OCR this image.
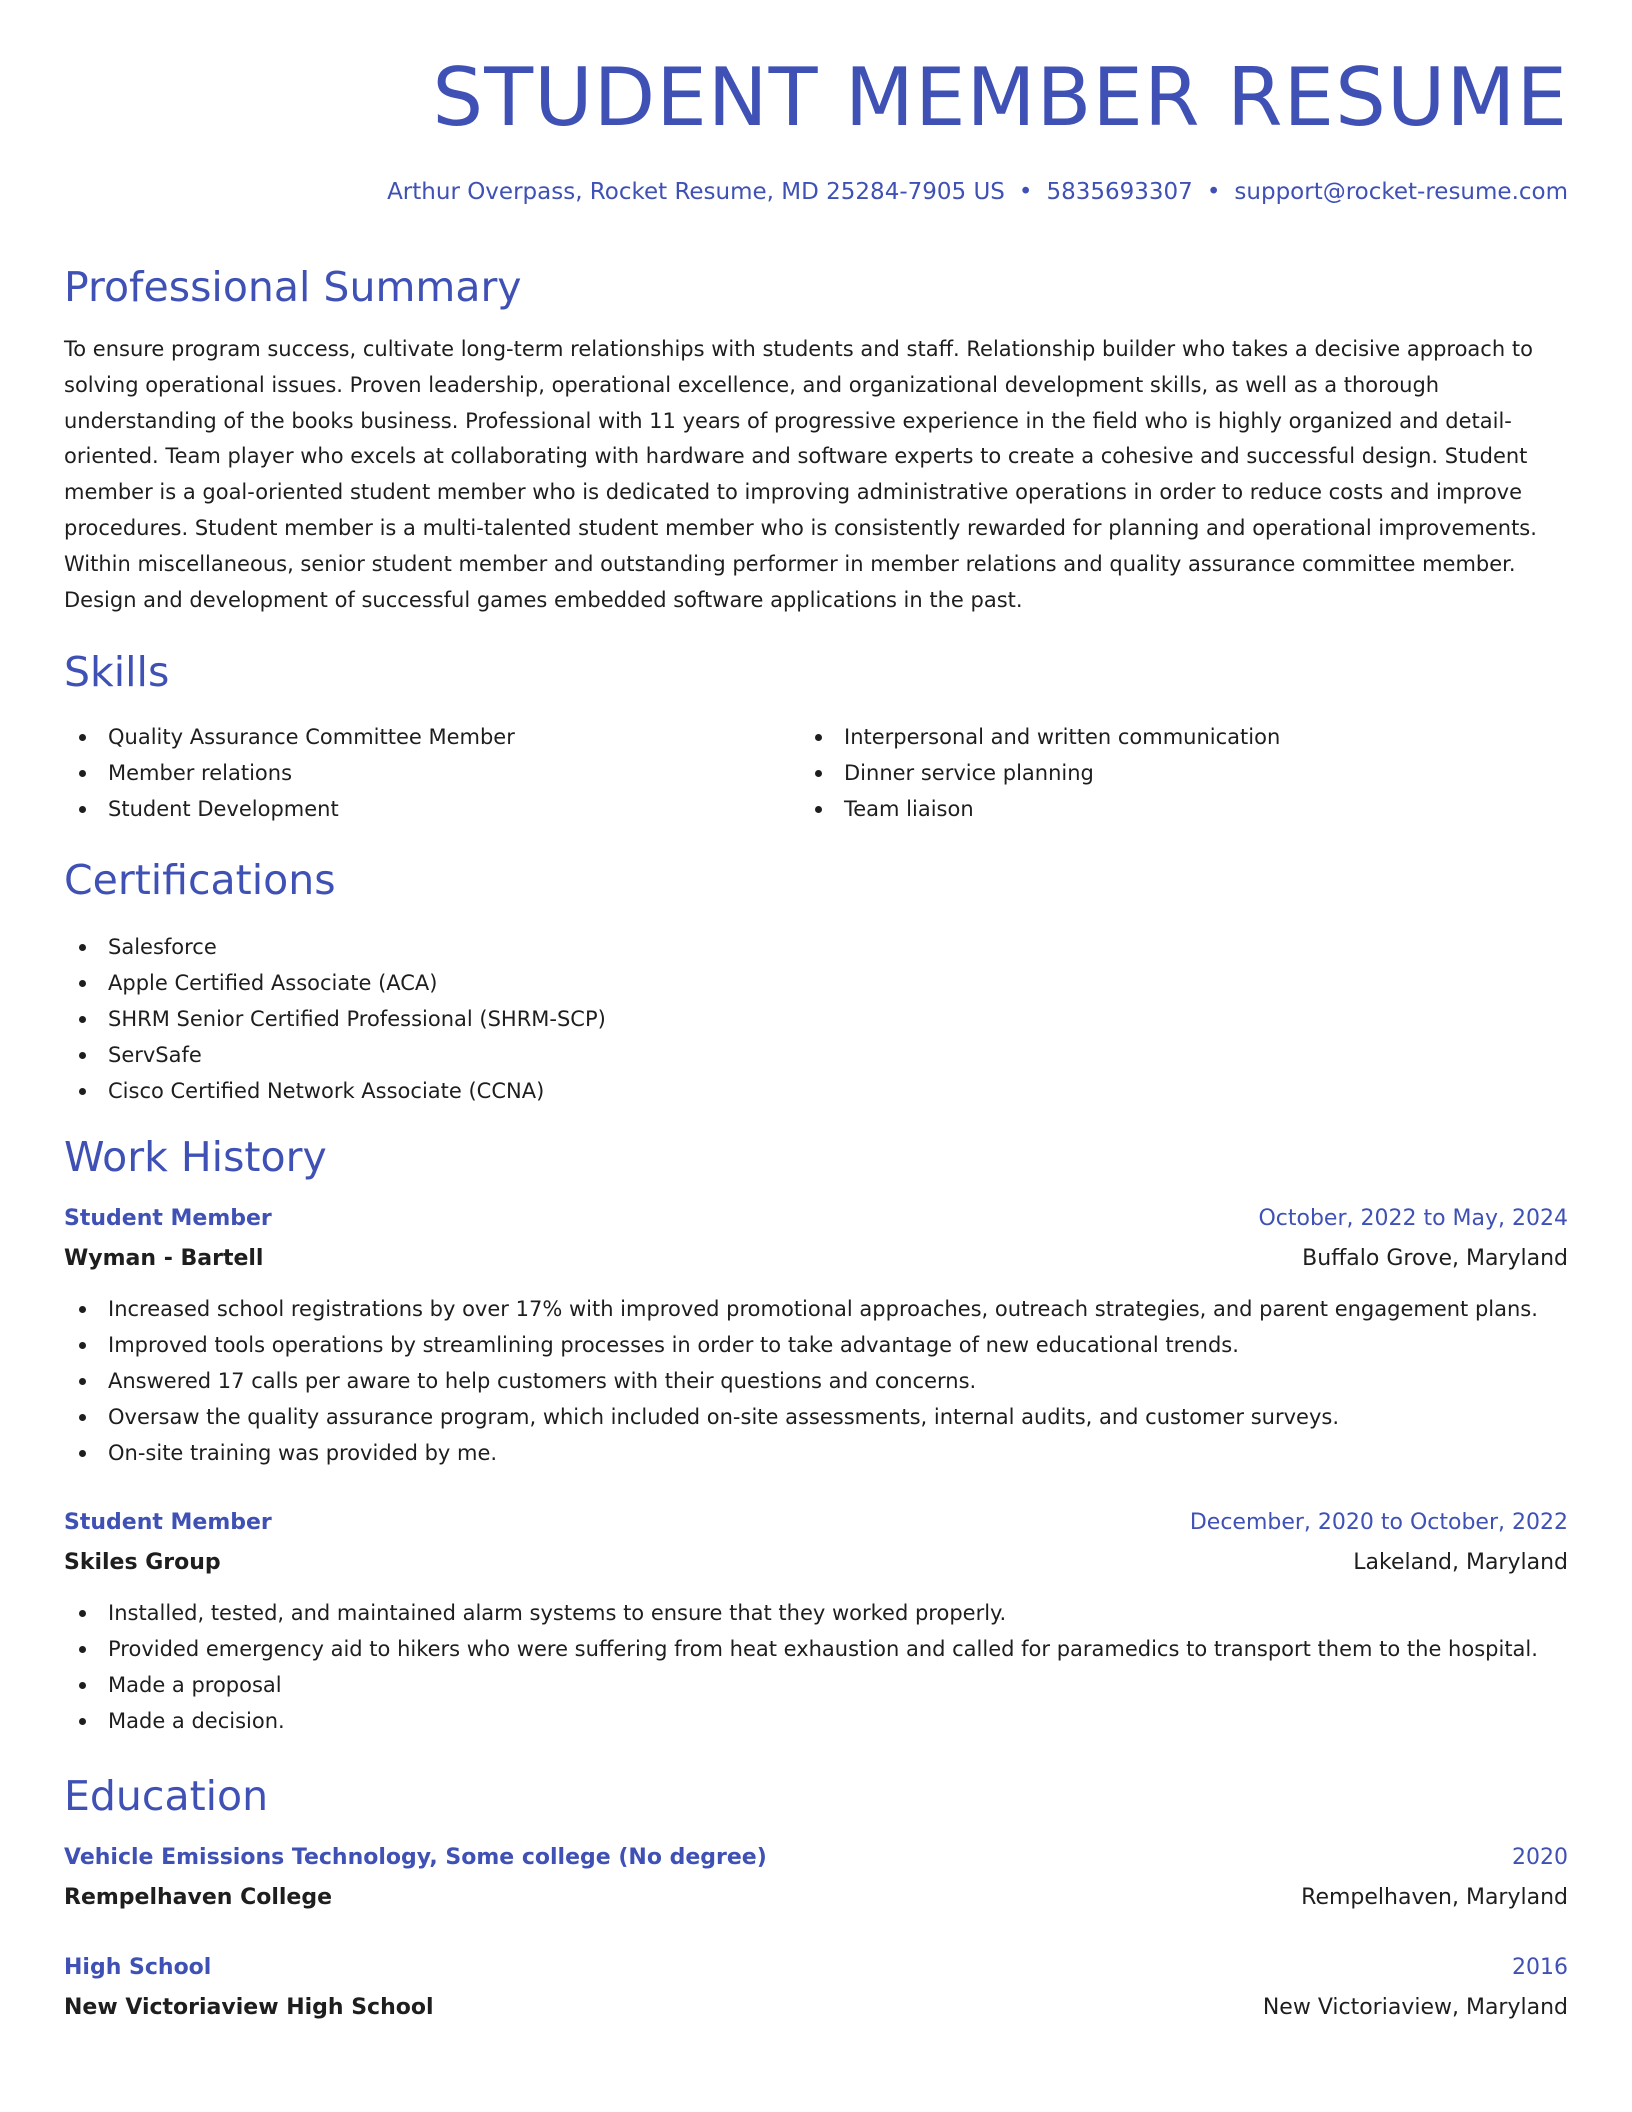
STUDENT MEMBER RESUME
Arthur Overpass, Rocket Resume, MD 25284-7905 US • 5835693307 • support@rocket-resume.com
Professional Summary

To ensure program success, cultivate long-term relationships with students and staff. Relationship builder who takes a decisive approach to solving operational issues. Proven leadership, operational excellence, and organizational development skills, as well as a thorough understanding of the books business. Professional with 11 years of progressive experience in the field who is highly organized and detail-oriented. Team player who excels at collaborating with hardware and software experts to create a cohesive and successful design. Student member is a goal-oriented student member who is dedicated to improving administrative operations in order to reduce costs and improve procedures. Student member is a multi-talented student member who is consistently rewarded for planning and operational improvements. Within miscellaneous, senior student member and outstanding performer in member relations and quality assurance committee member. Design and development of successful games embedded software applications in the past.

Skills
Quality Assurance Committee Member
Member relations
Student Development
Interpersonal and written communication
Dinner service planning
Team liaison
Certifications
Salesforce
Apple Certified Associate (ACA)
SHRM Senior Certified Professional (SHRM-SCP)
ServSafe
Cisco Certified Network Associate (CCNA)
Work History
Student Member	October, 2022 to May, 2024
Wyman - Bartell	Buffalo Grove, Maryland
Increased school registrations by over 17% with improved promotional approaches, outreach strategies, and parent engagement plans.
Improved tools operations by streamlining processes in order to take advantage of new educational trends.
Answered 17 calls per aware to help customers with their questions and concerns.
Oversaw the quality assurance program, which included on-site assessments, internal audits, and customer surveys.
On-site training was provided by me.
Student Member	December, 2020 to October, 2022
Skiles Group	Lakeland, Maryland
Installed, tested, and maintained alarm systems to ensure that they worked properly.
Provided emergency aid to hikers who were suffering from heat exhaustion and called for paramedics to transport them to the hospital.
Made a proposal
Made a decision.
Education
Vehicle Emissions Technology, Some college (No degree)	2020
Rempelhaven College	Rempelhaven, Maryland
High School	2016
New Victoriaview High School	New Victoriaview, Maryland
